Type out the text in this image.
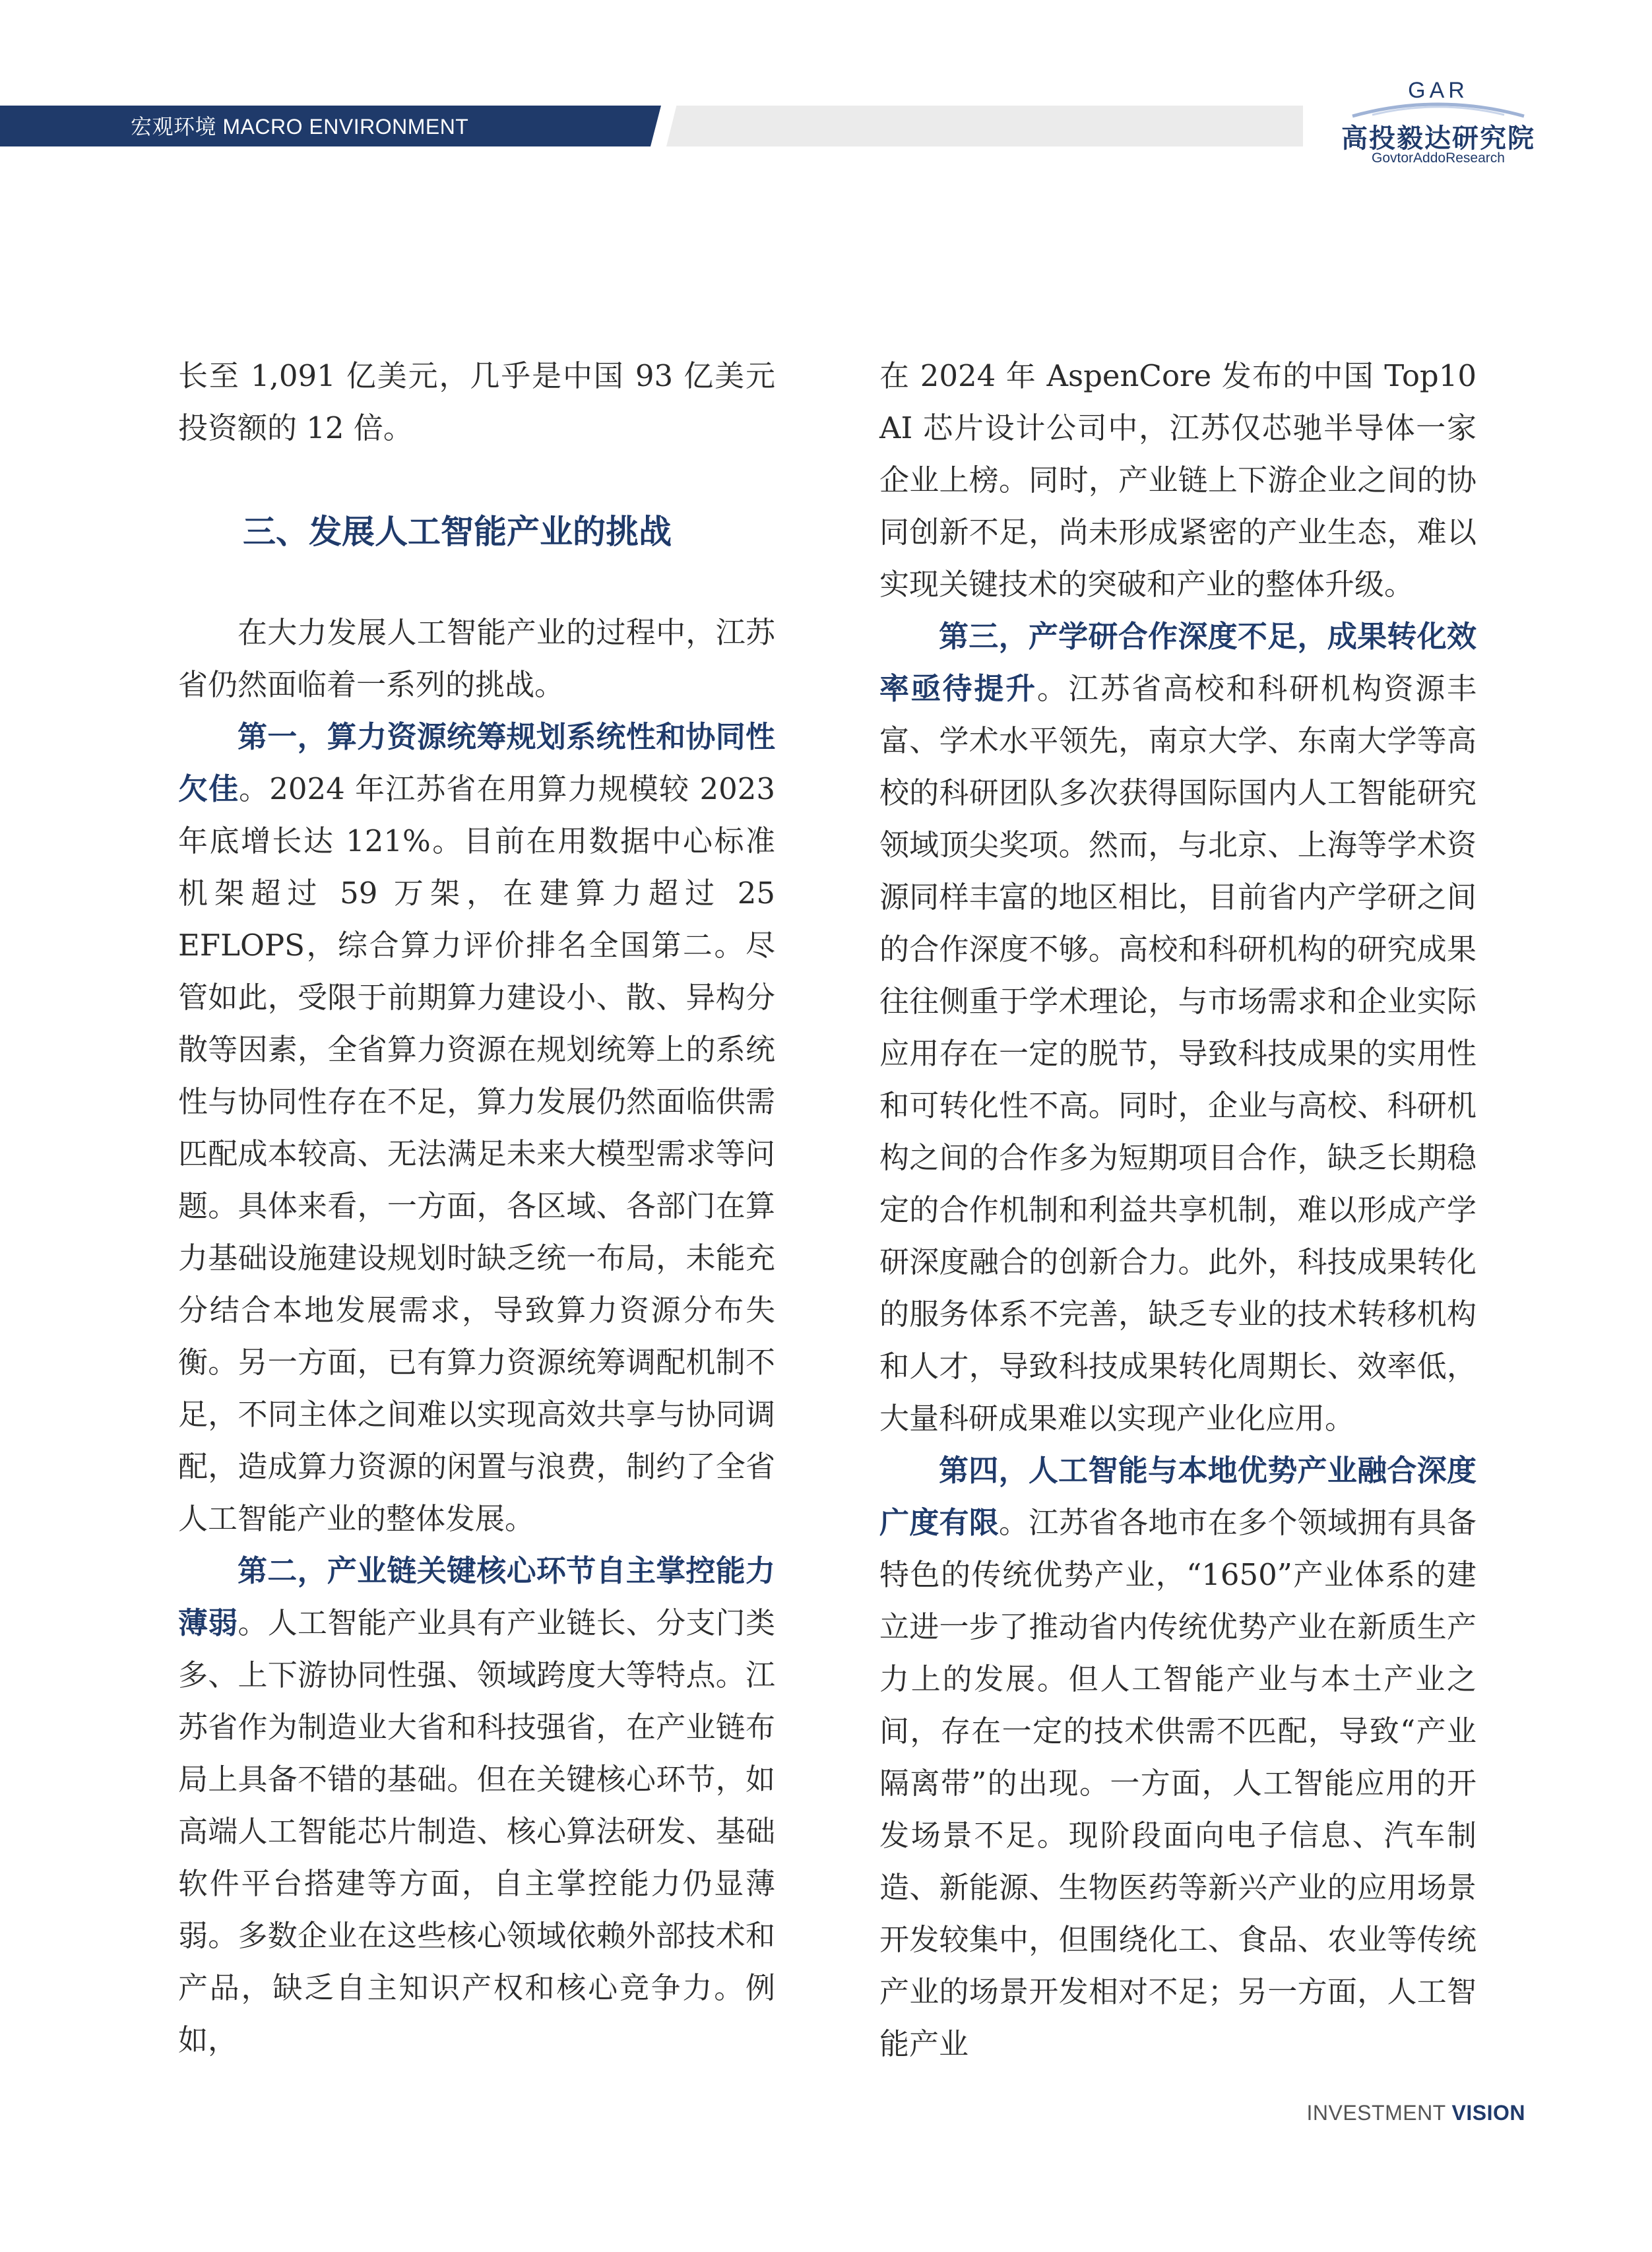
宏观环境 MACRO ENVIRONMENT
GAR
高投毅达研究院
GovtorAddoResearch

长至 1,091 亿美元，几乎是中国 93 亿美元投资额的 12 倍。

三、发展人工智能产业的挑战

在大力发展人工智能产业的过程中，江苏省仍然面临着一系列的挑战。

第一，算力资源统筹规划系统性和协同性欠佳。2024 年江苏省在用算力规模较 2023 年底增长达 121%。目前在用数据中心标准机架超过 59 万架，在建算力超过 25 EFLOPS，综合算力评价排名全国第二。尽管如此，受限于前期算力建设小、散、异构分散等因素，全省算力资源在规划统筹上的系统性与协同性存在不足，算力发展仍然面临供需匹配成本较高、无法满足未来大模型需求等问题。具体来看，一方面，各区域、各部门在算力基础设施建设规划时缺乏统一布局，未能充分结合本地发展需求，导致算力资源分布失衡。另一方面，已有算力资源统筹调配机制不足，不同主体之间难以实现高效共享与协同调配，造成算力资源的闲置与浪费，制约了全省人工智能产业的整体发展。

第二，产业链关键核心环节自主掌控能力薄弱。人工智能产业具有产业链长、分支门类多、上下游协同性强、领域跨度大等特点。江苏省作为制造业大省和科技强省，在产业链布局上具备不错的基础。但在关键核心环节，如高端人工智能芯片制造、核心算法研发、基础软件平台搭建等方面，自主掌控能力仍显薄弱。多数企业在这些核心领域依赖外部技术和产品，缺乏自主知识产权和核心竞争力。例如，

在 2024 年 AspenCore 发布的中国 Top10 AI 芯片设计公司中，江苏仅芯驰半导体一家企业上榜。同时，产业链上下游企业之间的协同创新不足，尚未形成紧密的产业生态，难以实现关键技术的突破和产业的整体升级。

第三，产学研合作深度不足，成果转化效率亟待提升。江苏省高校和科研机构资源丰富、学术水平领先，南京大学、东南大学等高校的科研团队多次获得国际国内人工智能研究领域顶尖奖项。然而，与北京、上海等学术资源同样丰富的地区相比，目前省内产学研之间的合作深度不够。高校和科研机构的研究成果往往侧重于学术理论，与市场需求和企业实际应用存在一定的脱节，导致科技成果的实用性和可转化性不高。同时，企业与高校、科研机构之间的合作多为短期项目合作，缺乏长期稳定的合作机制和利益共享机制，难以形成产学研深度融合的创新合力。此外，科技成果转化的服务体系不完善，缺乏专业的技术转移机构和人才，导致科技成果转化周期长、效率低，大量科研成果难以实现产业化应用。

第四，人工智能与本地优势产业融合深度广度有限。江苏省各地市在多个领域拥有具备特色的传统优势产业，“1650”产业体系的建立进一步了推动省内传统优势产业在新质生产力上的发展。但人工智能产业与本土产业之间，存在一定的技术供需不匹配，导致“产业隔离带”的出现。一方面，人工智能应用的开发场景不足。现阶段面向电子信息、汽车制造、新能源、生物医药等新兴产业的应用场景开发较集中，但围绕化工、食品、农业等传统产业的场景开发相对不足；另一方面，人工智能产业

INVESTMENT VISION
